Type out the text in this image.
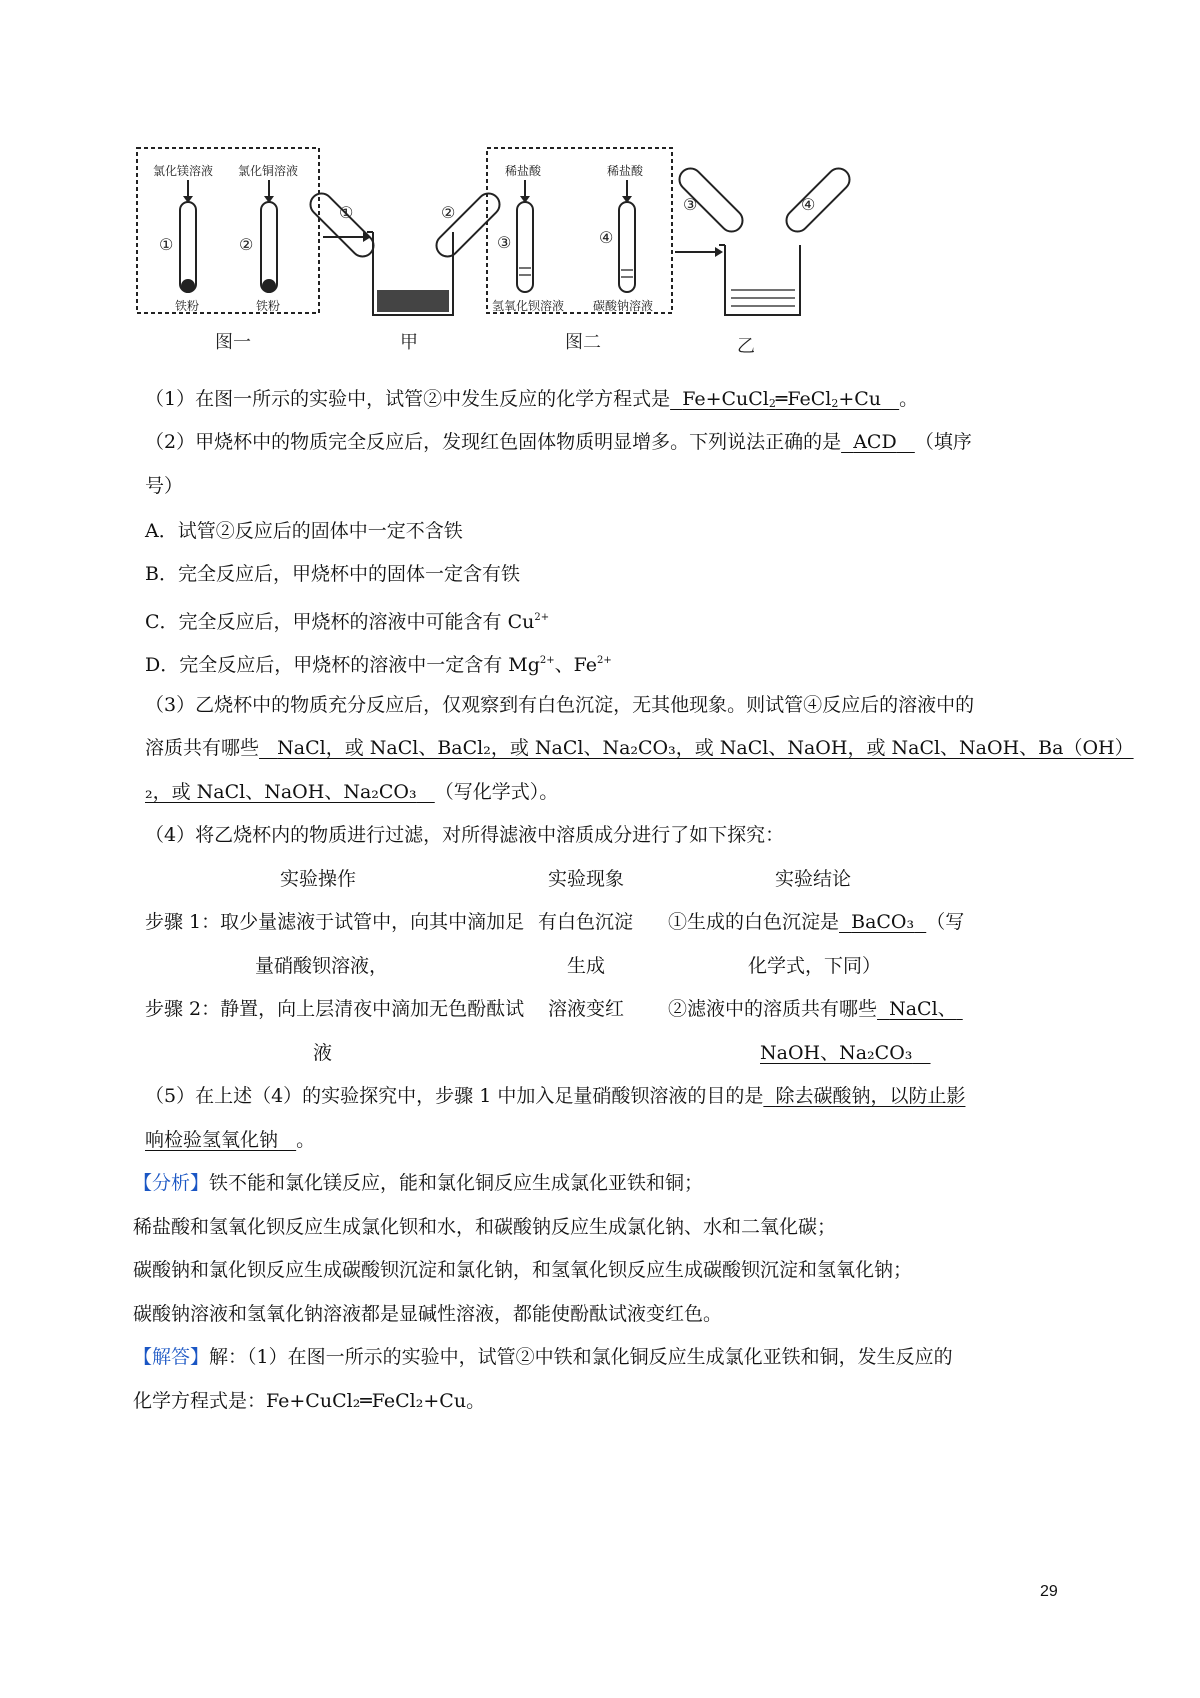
氯化镁溶液 氯化铜溶液
铁粉	铁粉
稀盐酸	稀盐酸
氢氧化钡溶液 碳酸钠溶液
①	②
①	②
③	④
③	④
图一	甲	图二	乙
（1）在图一所示的实验中，试管②中发生反应的化学方程式是 Fe+CuCl$_2$═FeCl$_2$+Cu 。
（2）甲烧杯中的物质完全反应后，发现红色固体物质明显增多。下列说法正确的是 ACD （填序
号）
A．试管②反应后的固体中一定不含铁
B．完全反应后，甲烧杯中的固体一定含有铁
C．完全反应后，甲烧杯的溶液中可能含有 $Cu^{2+}$
D．完全反应后，甲烧杯的溶液中一定含有 $Mg^{2+}$、$Fe^{2+}$
（3）乙烧杯中的物质充分反应后，仅观察到有白色沉淀，无其他现象。则试管④反应后的溶液中的
溶质共有哪些 NaCl，或 NaCl、BaCl₂，或 NaCl、Na₂CO₃，或 NaCl、NaOH，或 NaCl、NaOH、Ba（OH）
₂，或 NaCl、NaOH、Na₂CO₃ （写化学式）。
（4）将乙烧杯内的物质进行过滤，对所得滤液中溶质成分进行了如下探究：
实验操作	实验现象	实验结论
步骤 1：取少量滤液于试管中，向其中滴加足 有白色沉淀 ①生成的白色沉淀是 BaCO₃ （写
量硝酸钡溶液，	生成	化学式，下同）
步骤 2：静置，向上层清夜中滴加无色酚酞试 溶液变红 ②滤液中的溶质共有哪些 NaCl、
液	NaOH、Na₂CO₃
（5）在上述（4）的实验探究中，步骤 1 中加入足量硝酸钡溶液的目的是 除去碳酸钠，以防止影
响检验氢氧化钠 。
【分析】铁不能和氯化镁反应，能和氯化铜反应生成氯化亚铁和铜；
稀盐酸和氢氧化钡反应生成氯化钡和水，和碳酸钠反应生成氯化钠、水和二氧化碳；
碳酸钠和氯化钡反应生成碳酸钡沉淀和氯化钠，和氢氧化钡反应生成碳酸钡沉淀和氢氧化钠；
碳酸钠溶液和氢氧化钠溶液都是显碱性溶液，都能使酚酞试液变红色。
【解答】解：（1）在图一所示的实验中，试管②中铁和氯化铜反应生成氯化亚铁和铜，发生反应的
化学方程式是：Fe+CuCl₂═FeCl₂+Cu。
29
